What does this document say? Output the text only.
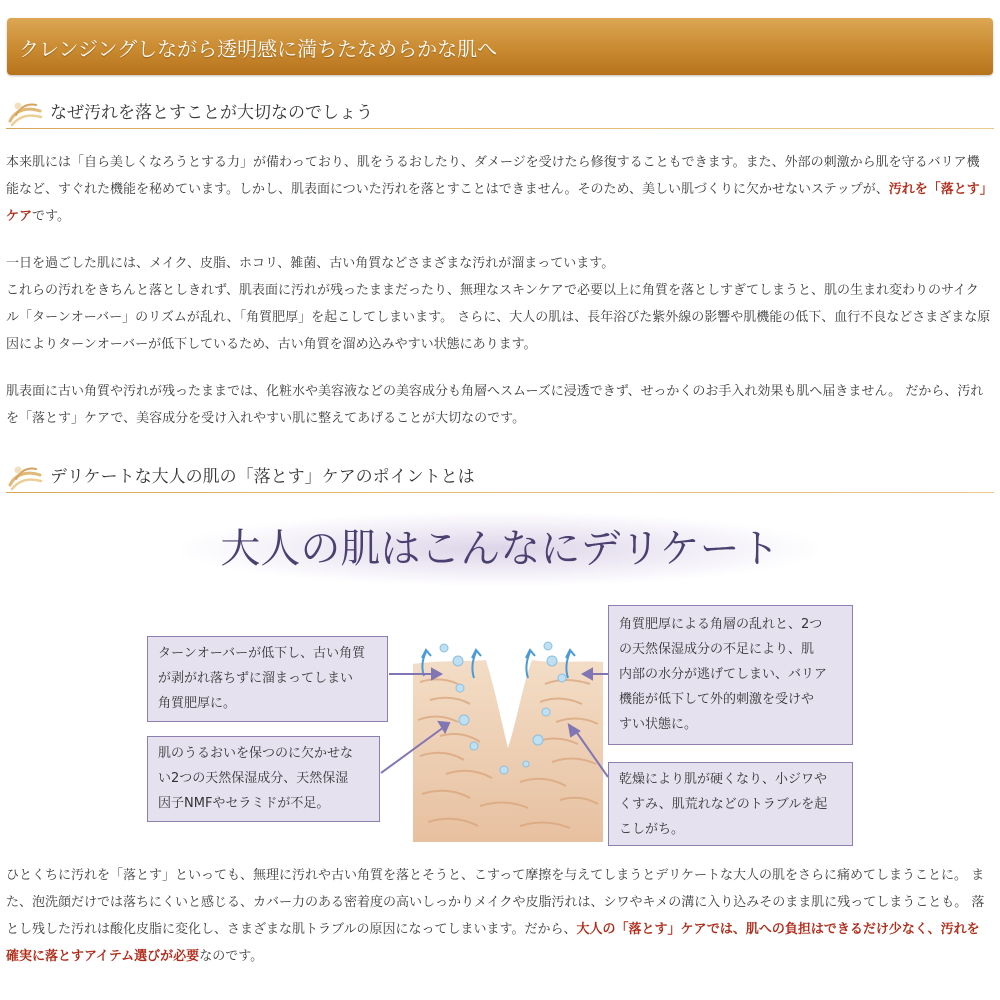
クレンジングしながら透明感に満ちたなめらかな肌へ
なぜ汚れを落とすことが大切なのでしょう

本来肌には「自ら美しくなろうとする力」が備わっており、肌をうるおしたり、ダメージを受けたら修復することもできます。また、外部の刺激から肌を守るバリア機能など、すぐれた機能を秘めています。しかし、肌表面についた汚れを落とすことはできません。そのため、美しい肌づくりに欠かせないステップが、汚れを「落とす」ケアです。

一日を過ごした肌には、メイク、皮脂、ホコリ、雑菌、古い角質などさまざまな汚れが溜まっています。
これらの汚れをきちんと落としきれず、肌表面に汚れが残ったままだったり、無理なスキンケアで必要以上に角質を落としすぎてしまうと、肌の生まれ変わりのサイクル「ターンオーバー」のリズムが乱れ、「角質肥厚」を起こしてしまいます。 さらに、大人の肌は、長年浴びた紫外線の影響や肌機能の低下、血行不良などさまざまな原因によりターンオーバーが低下しているため、古い角質を溜め込みやすい状態にあります。

肌表面に古い角質や汚れが残ったままでは、化粧水や美容液などの美容成分も角層へスムーズに浸透できず、せっかくのお手入れ効果も肌へ届きません。 だから、汚れを「落とす」ケアで、美容成分を受け入れやすい肌に整えてあげることが大切なのです。

デリケートな大人の肌の「落とす」ケアのポイントとは
大人の肌はこんなにデリケート
ターンオーバーが低下し、古い角質
が剥がれ落ちずに溜まってしまい
角質肥厚に。
肌のうるおいを保つのに欠かせな
い2つの天然保湿成分、天然保湿
因子NMFやセラミドが不足。
角質肥厚による角層の乱れと、2つ
の天然保湿成分の不足により、肌
内部の水分が逃げてしまい、バリア
機能が低下して外的刺激を受けや
すい状態に。
乾燥により肌が硬くなり、小ジワや
くすみ、肌荒れなどのトラブルを起
こしがち。

ひとくちに汚れを「落とす」といっても、無理に汚れや古い角質を落とそうと、こすって摩擦を与えてしまうとデリケートな大人の肌をさらに痛めてしまうことに。 また、泡洗顔だけでは落ちにくいと感じる、カバー力のある密着度の高いしっかりメイクや皮脂汚れは、シワやキメの溝に入り込みそのまま肌に残ってしまうことも。 落とし残した汚れは酸化皮脂に変化し、さまざまな肌トラブルの原因になってしまいます。だから、大人の「落とす」ケアでは、肌への負担はできるだけ少なく、汚れを確実に落とすアイテム選びが必要なのです。
